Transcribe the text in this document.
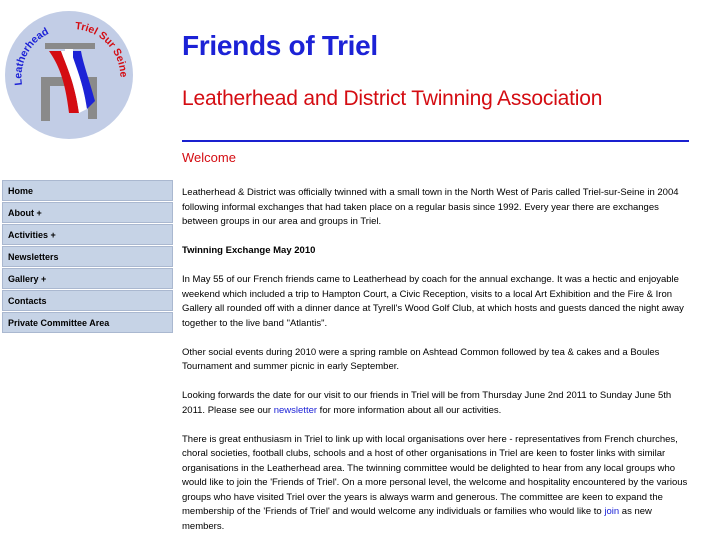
Leatherhead Triel Sur Seine
Home
About +
Activities +
Newsletters
Gallery +
Contacts
Private Committee Area
Friends of Triel
Leatherhead and District Twinning Association
Welcome

Leatherhead & District was officially twinned with a small town in the North West of Paris called Triel-sur-Seine in 2004 following informal exchanges that had taken place on a regular basis since 1992. Every year there are exchanges between groups in our area and groups in Triel.

Twinning Exchange May 2010

In May 55 of our French friends came to Leatherhead by coach for the annual exchange. It was a hectic and enjoyable weekend which included a trip to Hampton Court, a Civic Reception, visits to a local Art Exhibition and the Fire & Iron Gallery all rounded off with a dinner dance at Tyrell's Wood Golf Club, at which hosts and guests danced the night away together to the live band "Atlantis".

Other social events during 2010 were a spring ramble on Ashtead Common followed by tea & cakes and a Boules Tournament and summer picnic in early September.

Looking forwards the date for our visit to our friends in Triel will be from Thursday June 2nd 2011 to Sunday June 5th 2011. Please see our newsletter for more information about all our activities.

There is great enthusiasm in Triel to link up with local organisations over here - representatives from French churches, choral societies, football clubs, schools and a host of other organisations in Triel are keen to foster links with similar organisations in the Leatherhead area. The twinning committee would be delighted to hear from any local groups who would like to join the 'Friends of Triel'. On a more personal level, the welcome and hospitality encountered by the various groups who have visited Triel over the years is always warm and generous. The committee are keen to expand the membership of the 'Friends of Triel' and would welcome any individuals or families who would like to join as new members.
